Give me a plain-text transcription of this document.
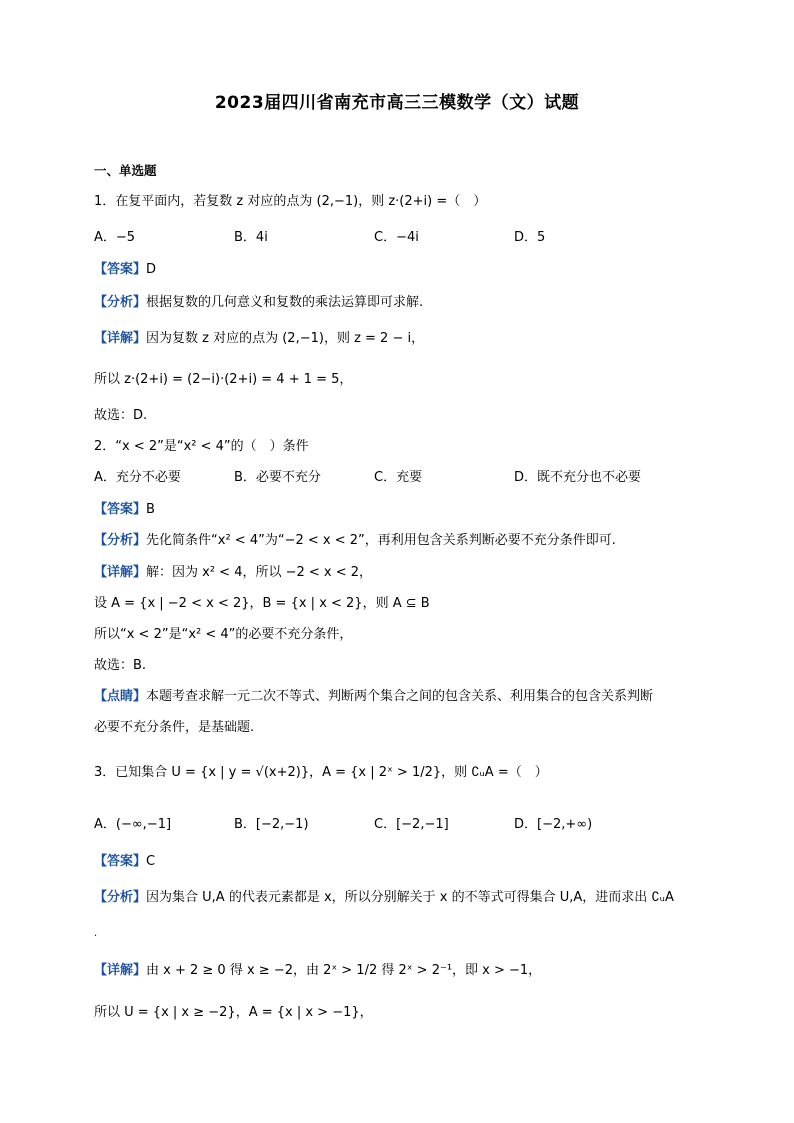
2023届四川省南充市高三三模数学（文）试题
一、单选题
1．在复平面内，若复数 z 对应的点为 (2,−1)，则 z·(2+i) =（　）
A．−5	B．4i	C．−4i	D．5
【答案】D
【分析】根据复数的几何意义和复数的乘法运算即可求解.
【详解】因为复数 z 对应的点为 (2,−1)，则 z = 2 − i，
所以 z·(2+i) = (2−i)·(2+i) = 4 + 1 = 5，
故选：D.
2．“x < 2”是“x² < 4”的（　）条件
A．充分不必要	B．必要不充分	C．充要	D．既不充分也不必要
【答案】B
【分析】先化简条件“x² < 4”为“−2 < x < 2”，再利用包含关系判断必要不充分条件即可.
【详解】解：因为 x² < 4，所以 −2 < x < 2，
设 A = {x | −2 < x < 2}，B = {x | x < 2}，则 A ⊆ B
所以“x < 2”是“x² < 4”的必要不充分条件，
故选：B.
【点睛】本题考查求解一元二次不等式、判断两个集合之间的包含关系、利用集合的包含关系判断
必要不充分条件，是基础题.
3．已知集合 U = {x | y = √(x+2)}，A = {x | 2ˣ > 1/2}，则 ∁ᵤA =（　）
A．(−∞,−1]	B．[−2,−1)	C．[−2,−1]	D．[−2,+∞)
【答案】C
【分析】因为集合 U,A 的代表元素都是 x，所以分别解关于 x 的不等式可得集合 U,A，进而求出 ∁ᵤA
.
【详解】由 x + 2 ≥ 0 得 x ≥ −2，由 2ˣ > 1/2 得 2ˣ > 2⁻¹，即 x > −1，
所以 U = {x | x ≥ −2}，A = {x | x > −1}，
